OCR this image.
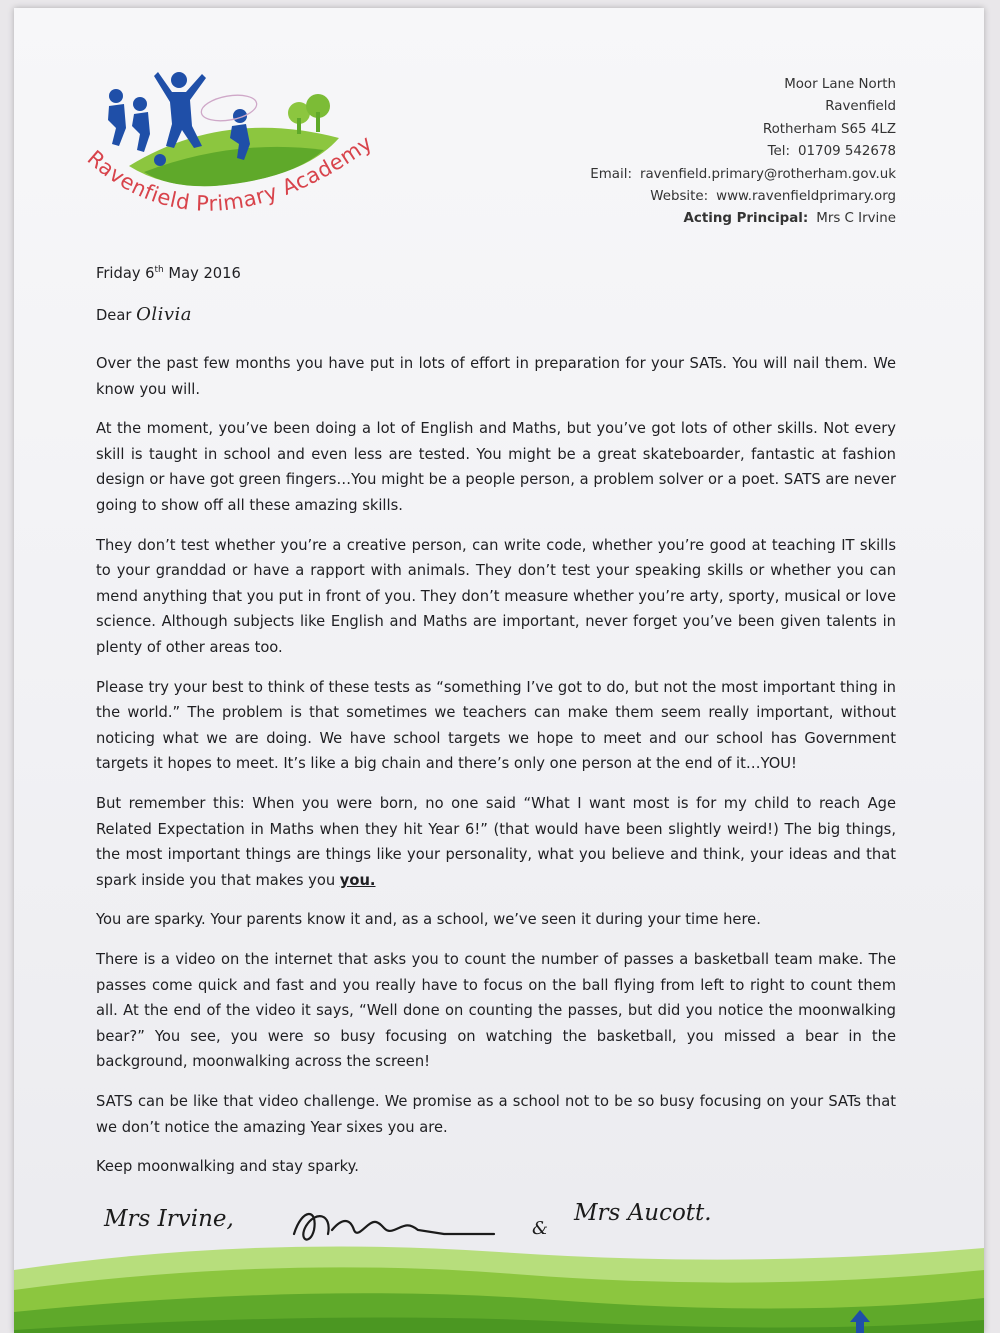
Ravenfield Primary Academy
Moor Lane North
Ravenfield
Rotherham S65 4LZ
Tel: 01709 542678
Email: ravenfield.primary@rotherham.gov.uk
Website: www.ravenfieldprimary.org
Acting Principal: Mrs C Irvine

Friday 6th May 2016

Dear Olivia

Over the past few months you have put in lots of effort in preparation for your SATs. You will nail them. We know you will.

At the moment, you’ve been doing a lot of English and Maths, but you’ve got lots of other skills. Not every skill is taught in school and even less are tested. You might be a great skateboarder, fantastic at fashion design or have got green fingers…You might be a people person, a problem solver or a poet. SATS are never going to show off all these amazing skills.

They don’t test whether you’re a creative person, can write code, whether you’re good at teaching IT skills to your granddad or have a rapport with animals. They don’t test your speaking skills or whether you can mend anything that you put in front of you. They don’t measure whether you’re arty, sporty, musical or love science. Although subjects like English and Maths are important, never forget you’ve been given talents in plenty of other areas too.

Please try your best to think of these tests as “something I’ve got to do, but not the most important thing in the world.” The problem is that sometimes we teachers can make them seem really important, without noticing what we are doing. We have school targets we hope to meet and our school has Government targets it hopes to meet. It’s like a big chain and there’s only one person at the end of it…YOU!

But remember this: When you were born, no one said “What I want most is for my child to reach Age Related Expectation in Maths when they hit Year 6!” (that would have been slightly weird!) The big things, the most important things are things like your personality, what you believe and think, your ideas and that spark inside you that makes you you.

You are sparky. Your parents know it and, as a school, we’ve seen it during your time here.

There is a video on the internet that asks you to count the number of passes a basketball team make. The passes come quick and fast and you really have to focus on the ball flying from left to right to count them all. At the end of the video it says, “Well done on counting the passes, but did you notice the moonwalking bear?” You see, you were so busy focusing on watching the basketball, you missed a bear in the background, moonwalking across the screen!

SATS can be like that video challenge. We promise as a school not to be so busy focusing on your SATs that we don’t notice the amazing Year sixes you are.

Keep moonwalking and stay sparky.

Mrs Irvine,	&
Mrs Aucott.
